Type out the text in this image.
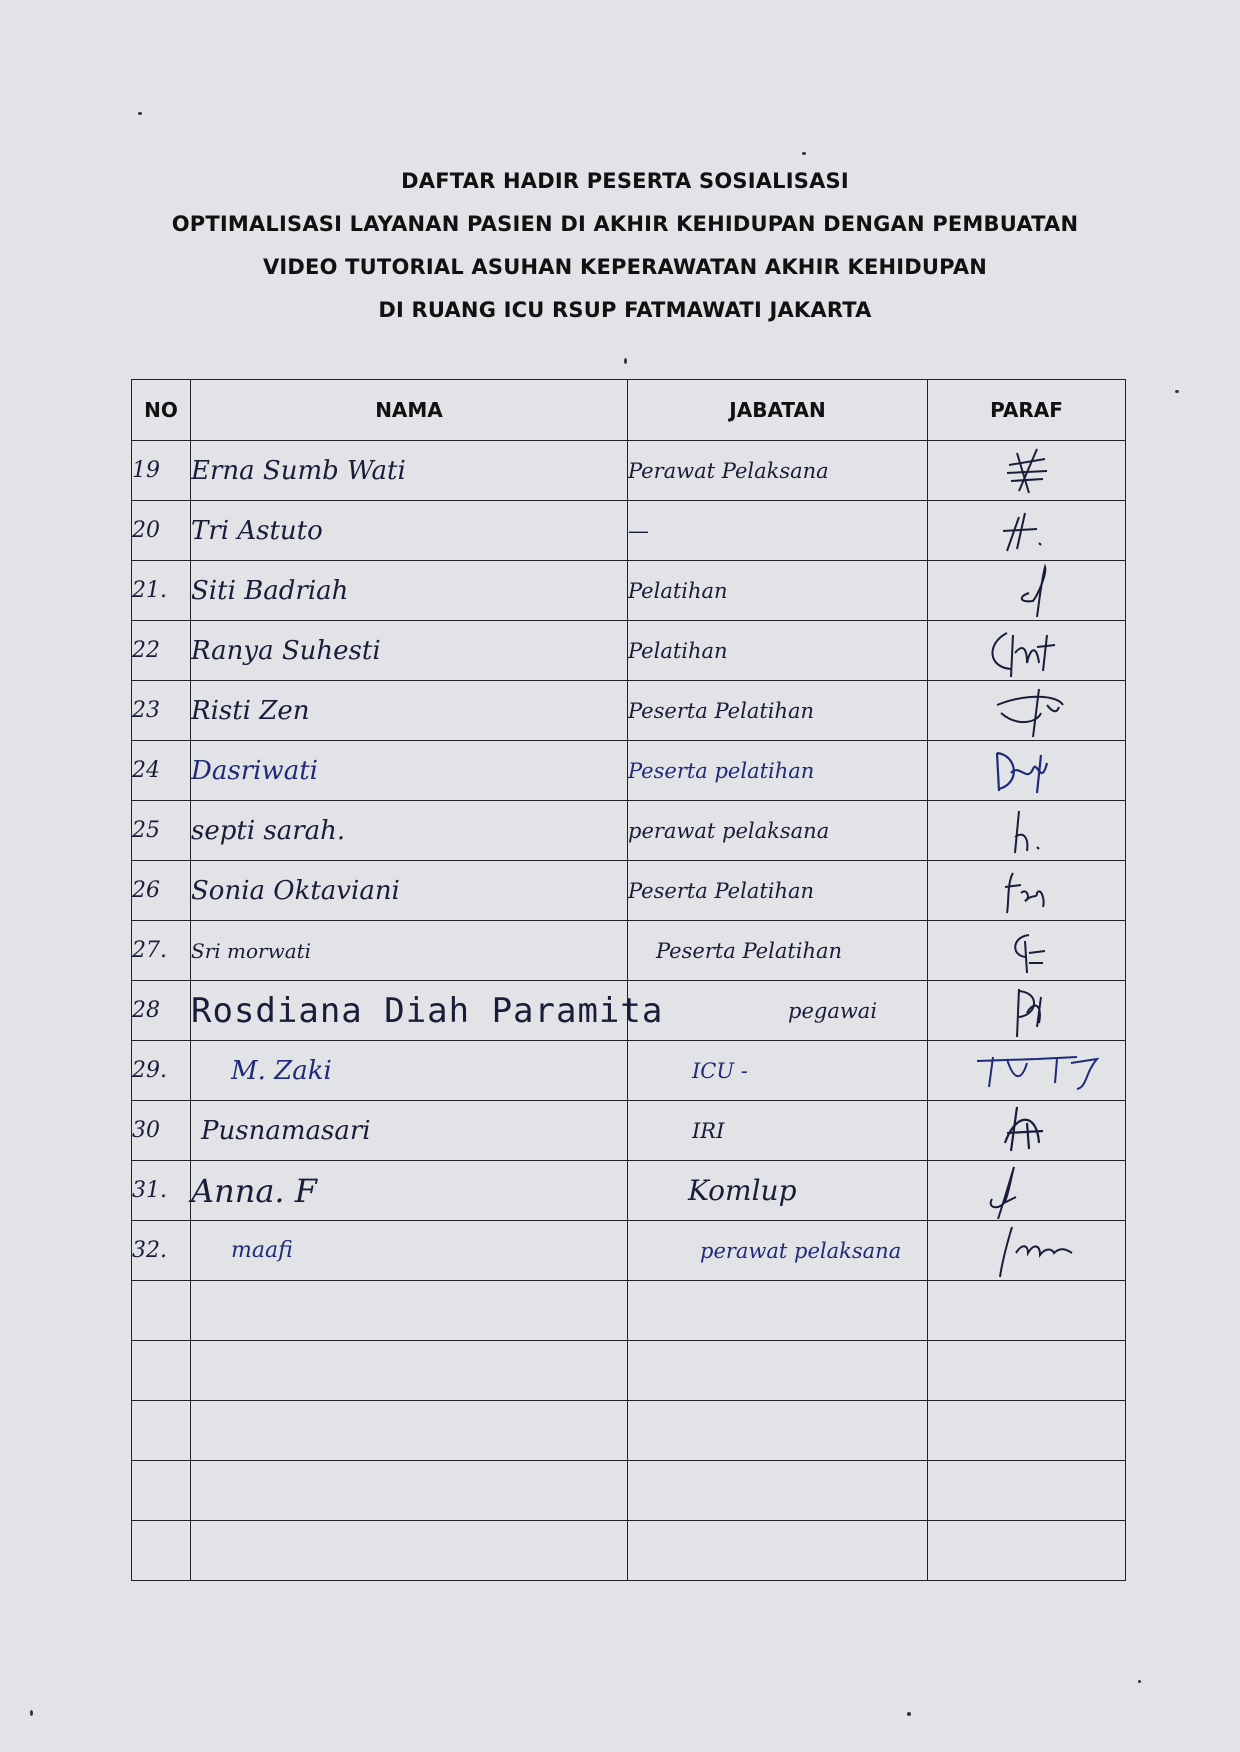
DAFTAR HADIR PESERTA SOSIALISASI
OPTIMALISASI LAYANAN PASIEN DI AKHIR KEHIDUPAN DENGAN PEMBUATAN
VIDEO TUTORIAL ASUHAN KEPERAWATAN AKHIR KEHIDUPAN
DI RUANG ICU RSUP FATMAWATI JAKARTA
NO	NAMA	JABATAN	PARAF
19	Erna Sumb Wati	Perawat Pelaksana	

20	Tri Astuto	—	

21.	Siti Badriah	Pelatihan	

22	Ranya Suhesti	Pelatihan	

23	Risti Zen	Peserta Pelatihan	

24	Dasriwati	Peserta pelatihan	

25	septi sarah.	perawat pelaksana	

26	Sonia Oktaviani	Peserta Pelatihan	

27.	Sri morwati	Peserta Pelatihan	

28	Rosdiana Diah Paramita	pegawai	

29.	M. Zaki	ICU -	

30	Pusnamasari	IRI	

31.	Anna. F	Komlup	

32.	maafi	perawat pelaksana	
